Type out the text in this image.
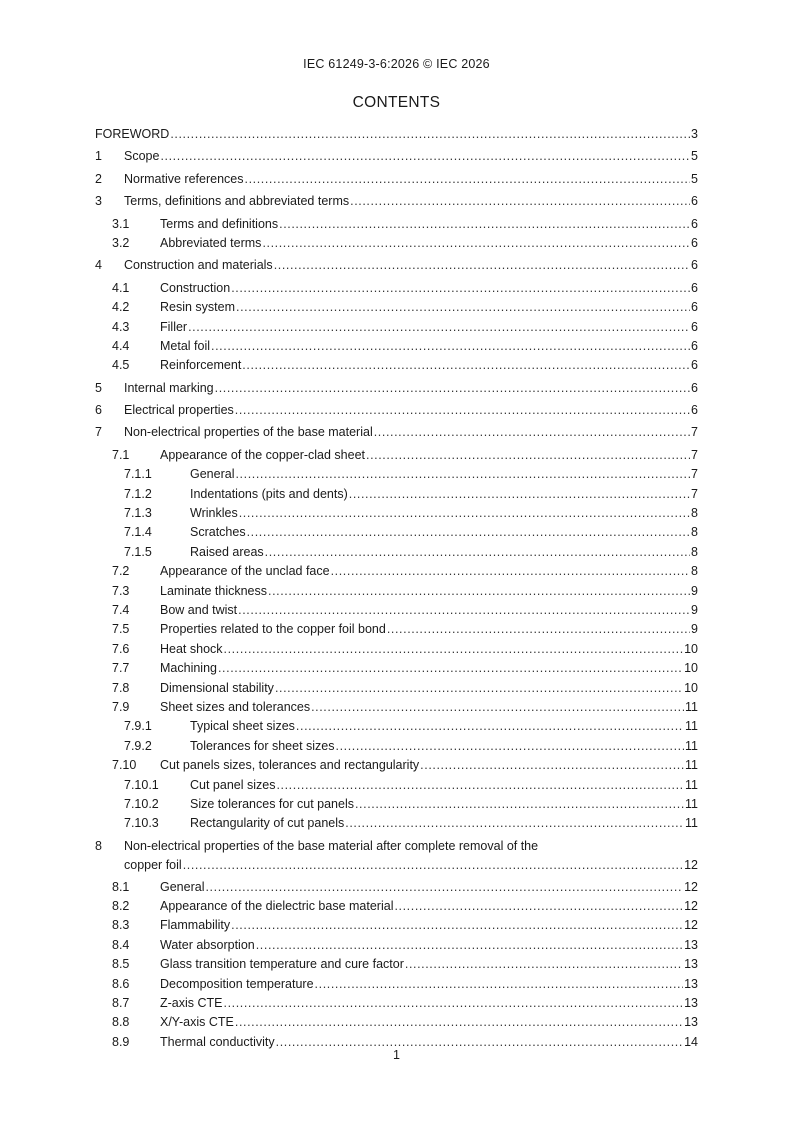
IEC 61249-3-6:2026 © IEC 2026
CONTENTS
FOREWORD .....	3
1 Scope .....	5
2 Normative references .....	5
3 Terms, definitions and abbreviated terms .....	6
3.1 Terms and definitions .....	6
3.2 Abbreviated terms .....	6
4 Construction and materials .....	6
4.1 Construction .....	6
4.2 Resin system .....	6
4.3 Filler .....	6
4.4 Metal foil .....	6
4.5 Reinforcement .....	6
5 Internal marking .....	6
6 Electrical properties .....	6
7 Non-electrical properties of the base material .....	7
7.1 Appearance of the copper-clad sheet .....	7
7.1.1	General .....	7
7.1.2	Indentations (pits and dents) .....	7
7.1.3	Wrinkles .....	8
7.1.4	Scratches .....	8
7.1.5	Raised areas .....	8
7.2 Appearance of the unclad face .....	8
7.3 Laminate thickness .....	9
7.4 Bow and twist .....	9
7.5 Properties related to the copper foil bond .....	9
7.6 Heat shock .....	10
7.7 Machining .....	10
7.8 Dimensional stability .....	10
7.9 Sheet sizes and tolerances .....	11
7.9.1	Typical sheet sizes .....	11
7.9.2	Tolerances for sheet sizes .....	11
7.10 Cut panels sizes, tolerances and rectangularity .....	11
7.10.1 Cut panel sizes .....	11
7.10.2 Size tolerances for cut panels .....	11
7.10.3 Rectangularity of cut panels .....	11
8 Non-electrical properties of the base material after complete removal of the
copper foil .....	12
8.1 General .....	12
8.2 Appearance of the dielectric base material .....	12
8.3 Flammability .....	12
8.4 Water absorption .....	13
8.5 Glass transition temperature and cure factor .....	13
8.6 Decomposition temperature .....	13
8.7 Z-axis CTE .....	13
8.8 X/Y-axis CTE .....	13
8.9 Thermal conductivity .....	14
1
